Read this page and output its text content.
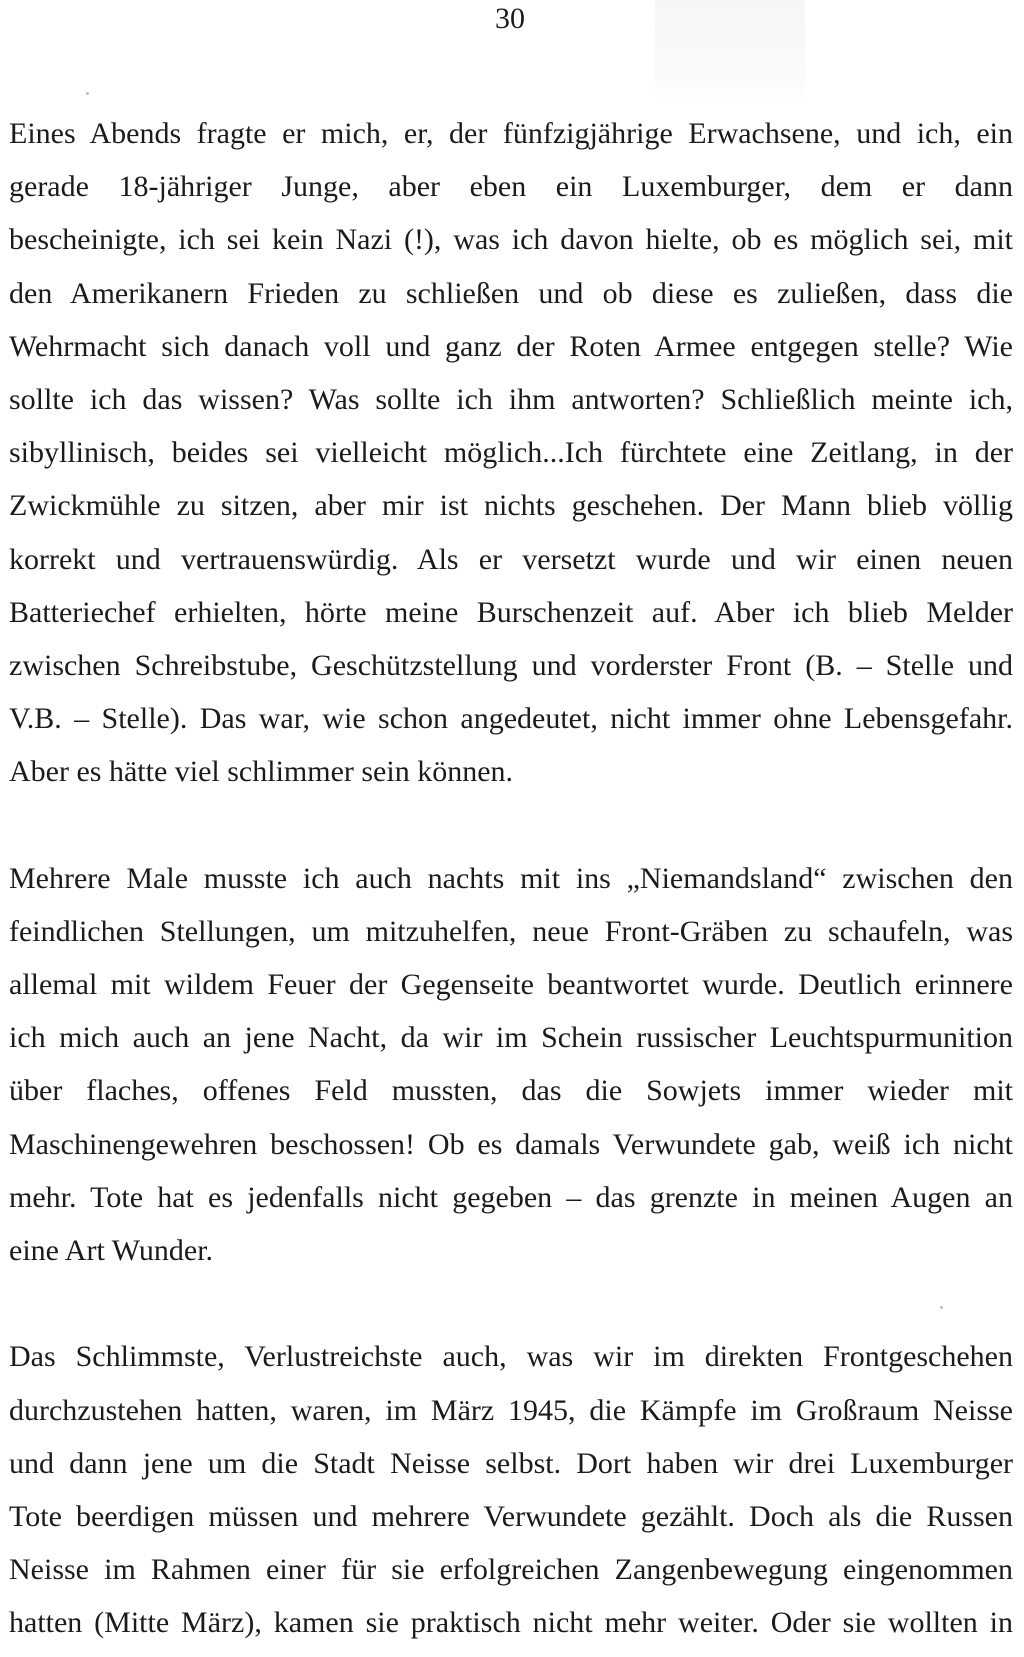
30
Eines Abends fragte er mich, er, der fünfzigjährige Erwachsene, und ich, ein
gerade 18-jähriger Junge, aber eben ein Luxemburger, dem er dann
bescheinigte, ich sei kein Nazi (!), was ich davon hielte, ob es möglich sei, mit
den Amerikanern Frieden zu schließen und ob diese es zuließen, dass die
Wehrmacht sich danach voll und ganz der Roten Armee entgegen stelle? Wie
sollte ich das wissen? Was sollte ich ihm antworten? Schließlich meinte ich,
sibyllinisch, beides sei vielleicht möglich...Ich fürchtete eine Zeitlang, in der
Zwickmühle zu sitzen, aber mir ist nichts geschehen. Der Mann blieb völlig
korrekt und vertrauenswürdig. Als er versetzt wurde und wir einen neuen
Batteriechef erhielten, hörte meine Burschenzeit auf. Aber ich blieb Melder
zwischen Schreibstube, Geschützstellung und vorderster Front (B. – Stelle und
V.B. – Stelle). Das war, wie schon angedeutet, nicht immer ohne Lebensgefahr.
Aber es hätte viel schlimmer sein können.
Mehrere Male musste ich auch nachts mit ins „Niemandsland“ zwischen den
feindlichen Stellungen, um mitzuhelfen, neue Front-Gräben zu schaufeln, was
allemal mit wildem Feuer der Gegenseite beantwortet wurde. Deutlich erinnere
ich mich auch an jene Nacht, da wir im Schein russischer Leuchtspurmunition
über flaches, offenes Feld mussten, das die Sowjets immer wieder mit
Maschinengewehren beschossen! Ob es damals Verwundete gab, weiß ich nicht
mehr. Tote hat es jedenfalls nicht gegeben – das grenzte in meinen Augen an
eine Art Wunder.
Das Schlimmste, Verlustreichste auch, was wir im direkten Frontgeschehen
durchzustehen hatten, waren, im März 1945, die Kämpfe im Großraum Neisse
und dann jene um die Stadt Neisse selbst. Dort haben wir drei Luxemburger
Tote beerdigen müssen und mehrere Verwundete gezählt. Doch als die Russen
Neisse im Rahmen einer für sie erfolgreichen Zangenbewegung eingenommen
hatten (Mitte März), kamen sie praktisch nicht mehr weiter. Oder sie wollten in
